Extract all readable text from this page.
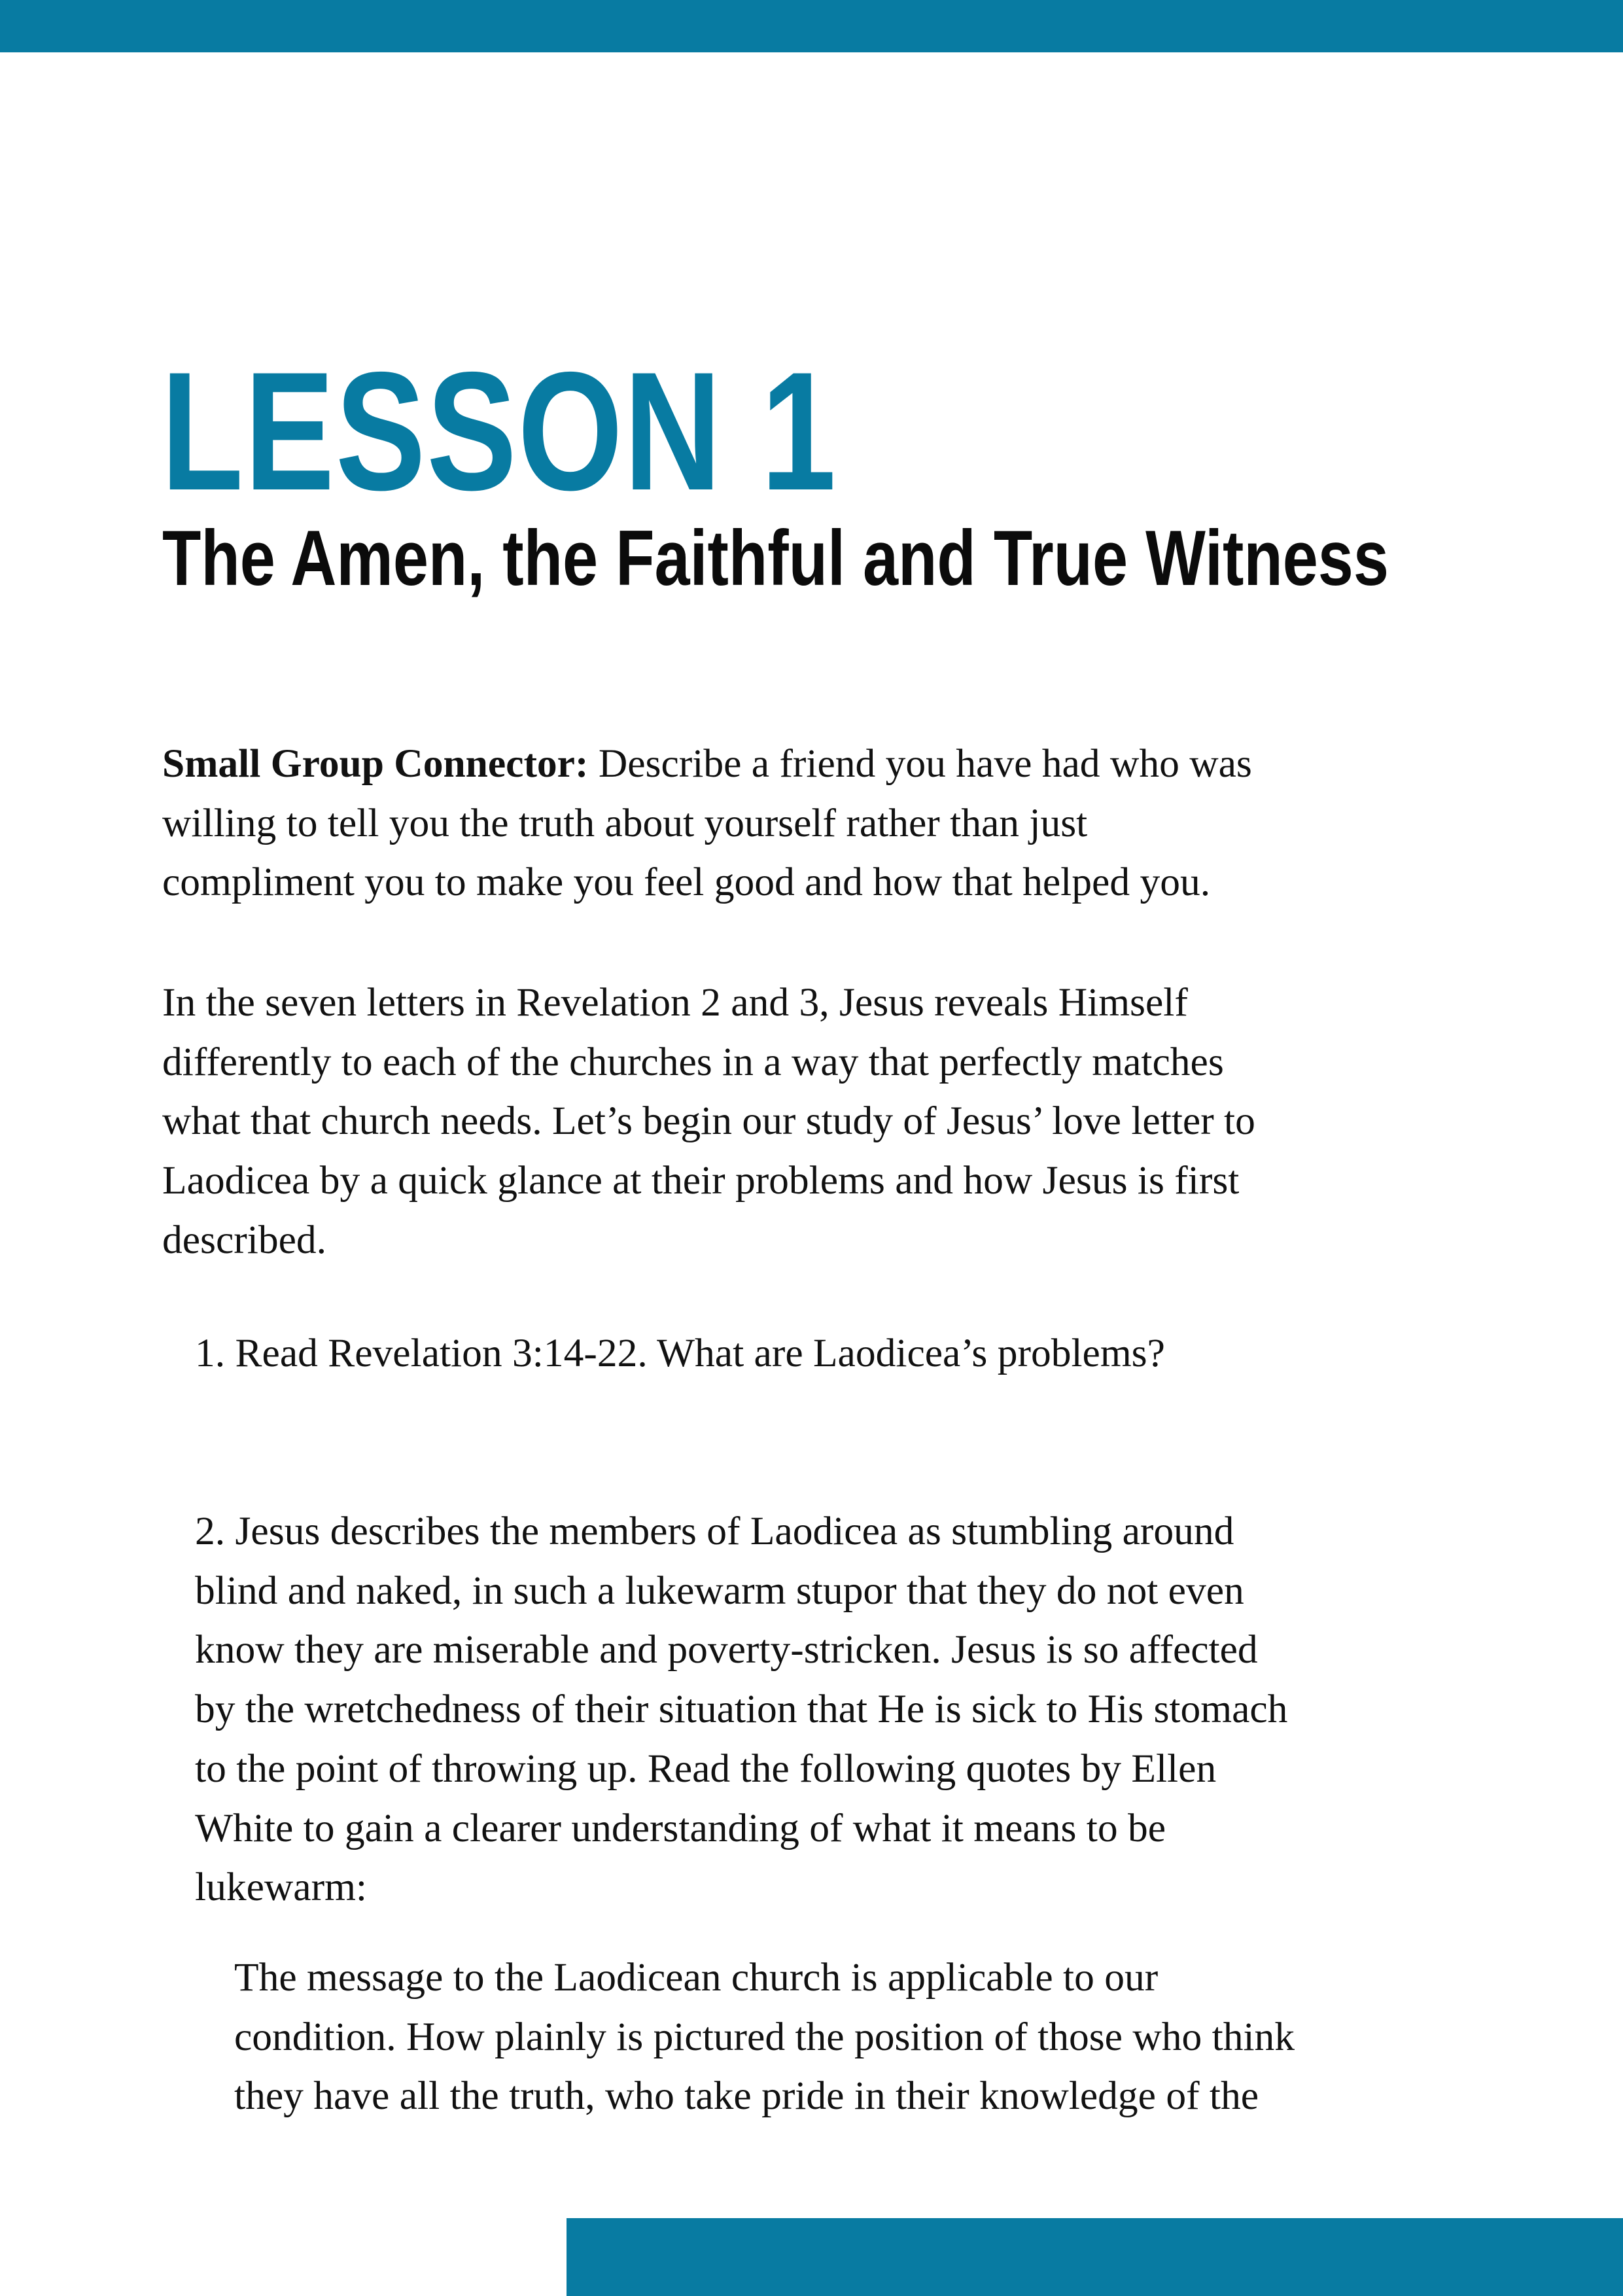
LESSON 1
The Amen, the Faithful and True Witness

Small Group Connector: Describe a friend you have had who was
willing to tell you the truth about yourself rather than just
compliment you to make you feel good and how that helped you.

In the seven letters in Revelation 2 and 3, Jesus reveals Himself
differently to each of the churches in a way that perfectly matches
what that church needs. Let’s begin our study of Jesus’ love letter to
Laodicea by a quick glance at their problems and how Jesus is first
described.

1. Read Revelation 3:14-22. What are Laodicea’s problems?

2. Jesus describes the members of Laodicea as stumbling around
blind and naked, in such a lukewarm stupor that they do not even
know they are miserable and poverty-stricken. Jesus is so affected
by the wretchedness of their situation that He is sick to His stomach
to the point of throwing up. Read the following quotes by Ellen
White to gain a clearer understanding of what it means to be
lukewarm:

The message to the Laodicean church is applicable to our
condition. How plainly is pictured the position of those who think
they have all the truth, who take pride in their knowledge of the
